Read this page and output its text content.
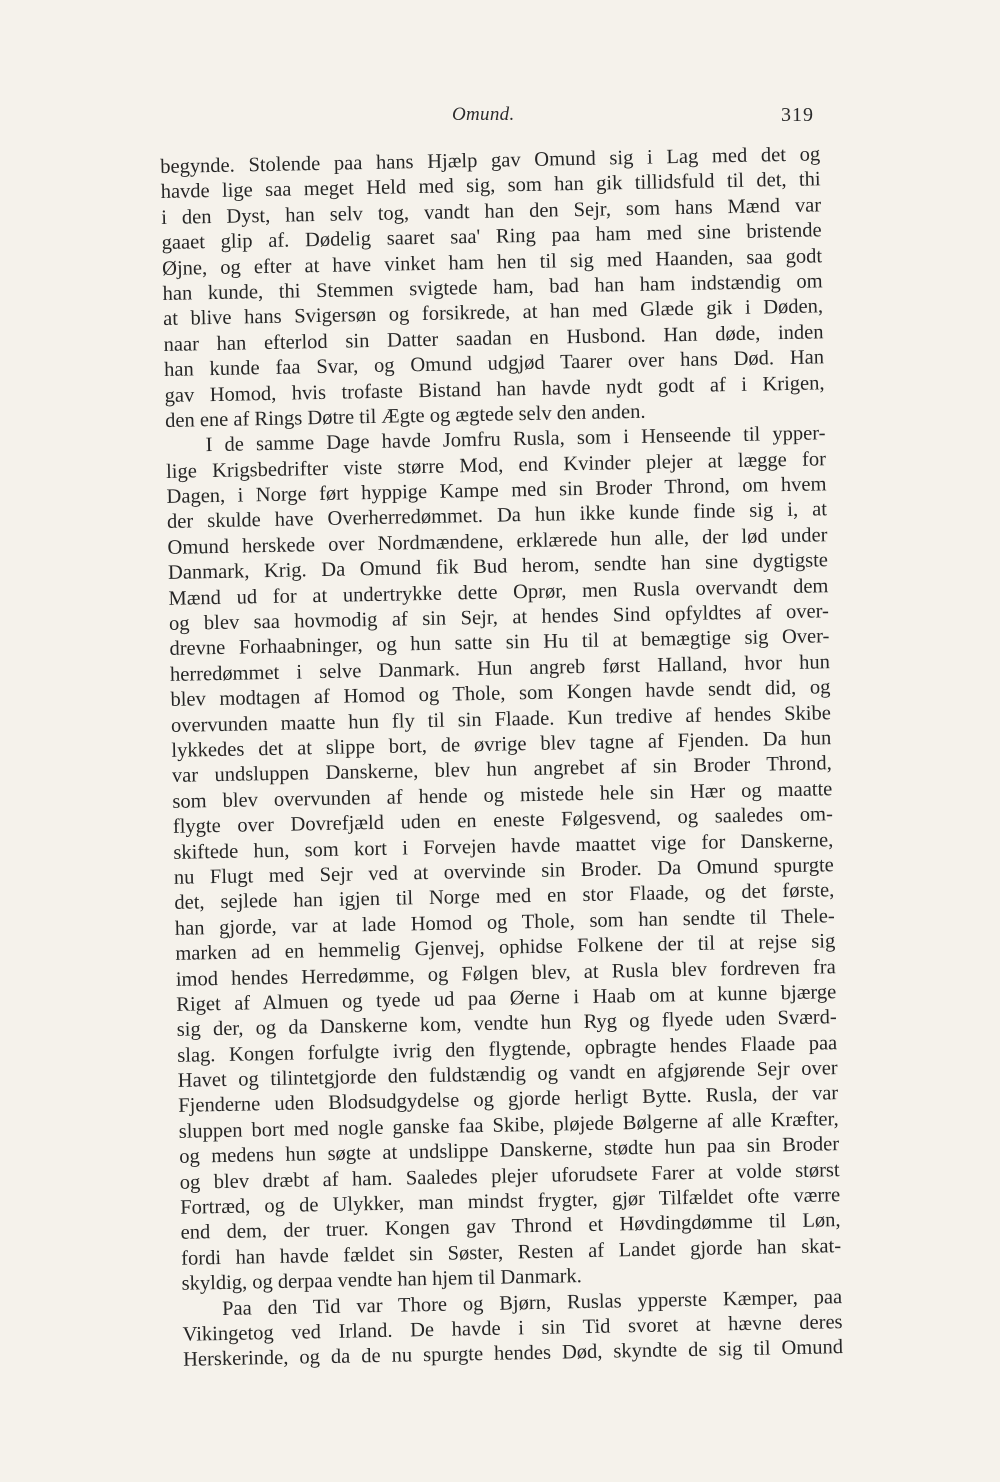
Omund.	319
begynde. Stolende paa hans Hjælp gav Omund sig i Lag med det og
havde lige saa meget Held med sig, som han gik tillidsfuld til det, thi
i den Dyst, han selv tog, vandt han den Sejr, som hans Mænd var
gaaet glip af. Dødelig saaret saa' Ring paa ham med sine bristende
Øjne, og efter at have vinket ham hen til sig med Haanden, saa godt
han kunde, thi Stemmen svigtede ham, bad han ham indstændig om
at blive hans Svigersøn og forsikrede, at han med Glæde gik i Døden,
naar han efterlod sin Datter saadan en Husbond. Han døde, inden
han kunde faa Svar, og Omund udgjød Taarer over hans Død. Han
gav Homod, hvis trofaste Bistand han havde nydt godt af i Krigen,
den ene af Rings Døtre til Ægte og ægtede selv den anden.
I de samme Dage havde Jomfru Rusla, som i Henseende til ypper-
lige Krigsbedrifter viste større Mod, end Kvinder plejer at lægge for
Dagen, i Norge ført hyppige Kampe med sin Broder Thrond, om hvem
der skulde have Overherredømmet. Da hun ikke kunde finde sig i, at
Omund herskede over Nordmændene, erklærede hun alle, der lød under
Danmark, Krig. Da Omund fik Bud herom, sendte han sine dygtigste
Mænd ud for at undertrykke dette Oprør, men Rusla overvandt dem
og blev saa hovmodig af sin Sejr, at hendes Sind opfyldtes af over-
drevne Forhaabninger, og hun satte sin Hu til at bemægtige sig Over-
herredømmet i selve Danmark. Hun angreb først Halland, hvor hun
blev modtagen af Homod og Thole, som Kongen havde sendt did, og
overvunden maatte hun fly til sin Flaade. Kun tredive af hendes Skibe
lykkedes det at slippe bort, de øvrige blev tagne af Fjenden. Da hun
var undsluppen Danskerne, blev hun angrebet af sin Broder Thrond,
som blev overvunden af hende og mistede hele sin Hær og maatte
flygte over Dovrefjæld uden en eneste Følgesvend, og saaledes om-
skiftede hun, som kort i Forvejen havde maattet vige for Danskerne,
nu Flugt med Sejr ved at overvinde sin Broder. Da Omund spurgte
det, sejlede han igjen til Norge med en stor Flaade, og det første,
han gjorde, var at lade Homod og Thole, som han sendte til Thele-
marken ad en hemmelig Gjenvej, ophidse Folkene der til at rejse sig
imod hendes Herredømme, og Følgen blev, at Rusla blev fordreven fra
Riget af Almuen og tyede ud paa Øerne i Haab om at kunne bjærge
sig der, og da Danskerne kom, vendte hun Ryg og flyede uden Sværd-
slag. Kongen forfulgte ivrig den flygtende, opbragte hendes Flaade paa
Havet og tilintetgjorde den fuldstændig og vandt en afgjørende Sejr over
Fjenderne uden Blodsudgydelse og gjorde herligt Bytte. Rusla, der var
sluppen bort med nogle ganske faa Skibe, pløjede Bølgerne af alle Kræfter,
og medens hun søgte at undslippe Danskerne, stødte hun paa sin Broder
og blev dræbt af ham. Saaledes plejer uforudsete Farer at volde størst
Fortræd, og de Ulykker, man mindst frygter, gjør Tilfældet ofte værre
end dem, der truer. Kongen gav Thrond et Høvdingdømme til Løn,
fordi han havde fældet sin Søster, Resten af Landet gjorde han skat-
skyldig, og derpaa vendte han hjem til Danmark.
Paa den Tid var Thore og Bjørn, Ruslas ypperste Kæmper, paa
Vikingetog ved Irland. De havde i sin Tid svoret at hævne deres
Herskerinde, og da de nu spurgte hendes Død, skyndte de sig til Omund
